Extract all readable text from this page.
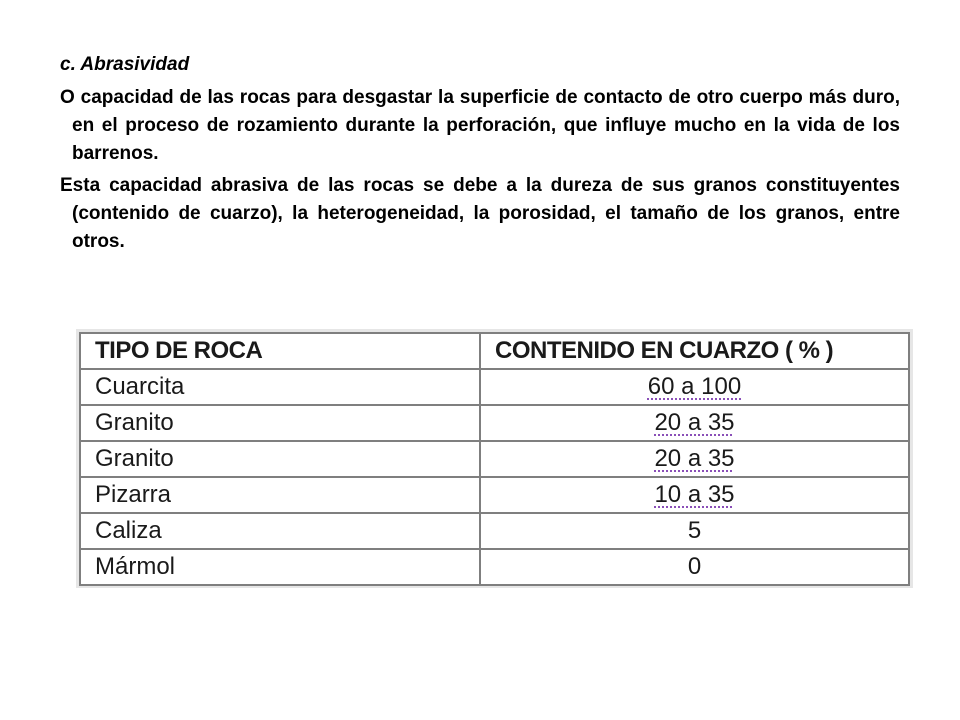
c. Abrasividad

O capacidad de las rocas para desgastar la superficie de contacto de otro cuerpo más duro, en el proceso de rozamiento durante la perforación, que influye mucho en la vida de los barrenos.

Esta capacidad abrasiva de las rocas se debe a la dureza de sus granos constituyentes (contenido de cuarzo), la heterogeneidad, la porosidad, el tamaño de los granos, entre otros.

TIPO DE ROCA	CONTENIDO EN CUARZO ( % )
Cuarcita	60 a 100
Granito	20 a 35
Granito	20 a 35
Pizarra	10 a 35
Caliza	5
Mármol	0
